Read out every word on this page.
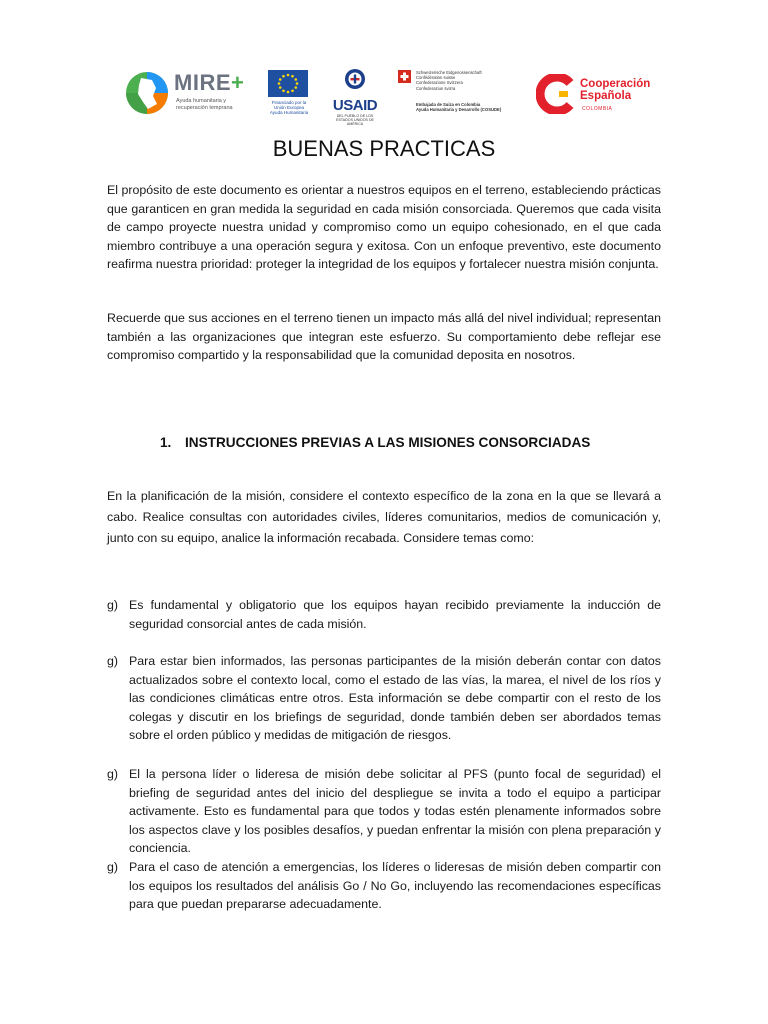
MIRE+
Ayuda humanitaria y recuperación temprana
Financiado por la Unión Europea Ayuda Humanitaria	USAID
DEL PUEBLO DE LOS ESTADOS UNIDOS DE AMÉRICA
Schweizerische Eidgenossenschaft
Confédération suisse
Confederazione Svizzera
Confederaziun svizra
Embajada de Suiza en Colombia
Ayuda Humanitaria y Desarrollo (COSUDE)
Cooperación
Española
COLOMBIA
BUENAS PRACTICAS

El propósito de este documento es orientar a nuestros equipos en el terreno, estableciendo prácticas que garanticen en gran medida la seguridad en cada misión consorciada. Queremos que cada visita de campo proyecte nuestra unidad y compromiso como un equipo cohesionado, en el que cada miembro contribuye a una operación segura y exitosa. Con un enfoque preventivo, este documento reafirma nuestra prioridad: proteger la integridad de los equipos y fortalecer nuestra misión conjunta.

Recuerde que sus acciones en el terreno tienen un impacto más allá del nivel individual; representan también a las organizaciones que integran este esfuerzo. Su comportamiento debe reflejar ese compromiso compartido y la responsabilidad que la comunidad deposita en nosotros.

1. INSTRUCCIONES PREVIAS A LAS MISIONES CONSORCIADAS

En la planificación de la misión, considere el contexto específico de la zona en la que se llevará a cabo. Realice consultas con autoridades civiles, líderes comunitarios, medios de comunicación y, junto con su equipo, analice la información recabada. Considere temas como:

g) Es fundamental y obligatorio que los equipos hayan recibido previamente la inducción de seguridad consorcial antes de cada misión.

g) Para estar bien informados, las personas participantes de la misión deberán contar con datos actualizados sobre el contexto local, como el estado de las vías, la marea, el nivel de los ríos y las condiciones climáticas entre otros. Esta información se debe compartir con el resto de los colegas y discutir en los briefings de seguridad, donde también deben ser abordados temas sobre el orden público y medidas de mitigación de riesgos.

g) El la persona líder o lideresa de misión debe solicitar al PFS (punto focal de seguridad) el briefing de seguridad antes del inicio del despliegue se invita a todo el equipo a participar activamente. Esto es fundamental para que todos y todas estén plenamente informados sobre los aspectos clave y los posibles desafíos, y puedan enfrentar la misión con plena preparación y conciencia.

g) Para el caso de atención a emergencias, los líderes o lideresas de misión deben compartir con los equipos los resultados del análisis Go / No Go, incluyendo las recomendaciones específicas para que puedan prepararse adecuadamente.
